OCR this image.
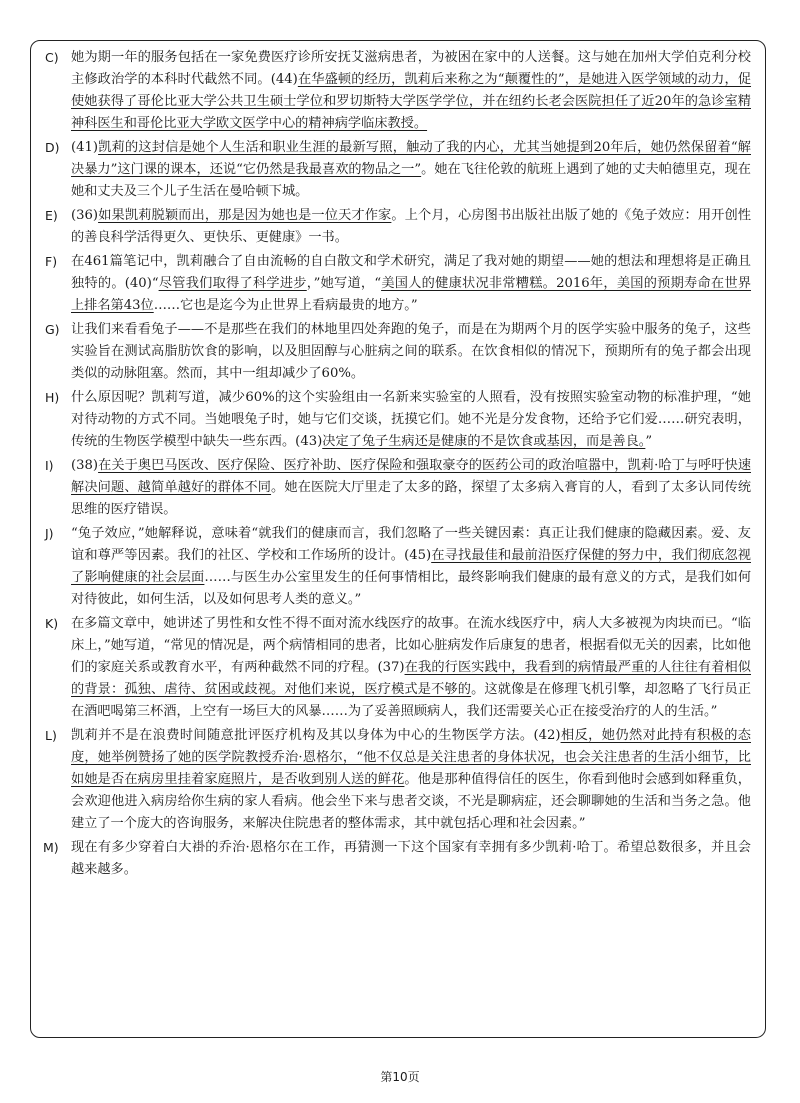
C) 她为期一年的服务包括在一家免费医疗诊所安抚艾滋病患者，为被困在家中的人送餐。这与她在加州大学伯克利分校主修政治学的本科时代截然不同。(44)在华盛顿的经历，凯莉后来称之为“颠覆性的”，是她进入医学领域的动力，促使她获得了哥伦比亚大学公共卫生硕士学位和罗切斯特大学医学学位，并在纽约长老会医院担任了近20年的急诊室精神科医生和哥伦比亚大学欧文医学中心的精神病学临床教授。

D) (41)凯莉的这封信是她个人生活和职业生涯的最新写照，触动了我的内心，尤其当她提到20年后，她仍然保留着“解决暴力”这门课的课本，还说“它仍然是我最喜欢的物品之一”。她在飞往伦敦的航班上遇到了她的丈夫帕德里克，现在她和丈夫及三个儿子生活在曼哈顿下城。

E) (36)如果凯莉脱颖而出，那是因为她也是一位天才作家。上个月，心房图书出版社出版了她的《兔子效应：用开创性的善良科学活得更久、更快乐、更健康》一书。

F) 在461篇笔记中，凯莉融合了自由流畅的自白散文和学术研究，满足了我对她的期望——她的想法和理想将是正确且独特的。(40)“尽管我们取得了科学进步，”她写道，“美国人的健康状况非常糟糕。2016年，美国的预期寿命在世界上排名第43位……它也是迄今为止世界上看病最贵的地方。”

G) 让我们来看看兔子——不是那些在我们的林地里四处奔跑的兔子，而是在为期两个月的医学实验中服务的兔子，这些实验旨在测试高脂肪饮食的影响，以及胆固醇与心脏病之间的联系。在饮食相似的情况下，预期所有的兔子都会出现类似的动脉阻塞。然而，其中一组却减少了60%。

H) 什么原因呢？凯莉写道，减少60%的这个实验组由一名新来实验室的人照看，没有按照实验室动物的标准护理，“她对待动物的方式不同。当她喂兔子时，她与它们交谈，抚摸它们。她不光是分发食物，还给予它们爱……研究表明，传统的生物医学模型中缺失一些东西。(43)决定了兔子生病还是健康的不是饮食或基因，而是善良。”

I) (38)在关于奥巴马医改、医疗保险、医疗补助、医疗保险和强取豪夺的医药公司的政治喧嚣中，凯莉·哈丁与呼吁快速解决问题、越简单越好的群体不同。她在医院大厅里走了太多的路，探望了太多病入膏肓的人，看到了太多认同传统思维的医疗错误。

J) “兔子效应，”她解释说，意味着“就我们的健康而言，我们忽略了一些关键因素：真正让我们健康的隐藏因素。爱、友谊和尊严等因素。我们的社区、学校和工作场所的设计。(45)在寻找最佳和最前沿医疗保健的努力中，我们彻底忽视了影响健康的社会层面……与医生办公室里发生的任何事情相比，最终影响我们健康的最有意义的方式，是我们如何对待彼此，如何生活，以及如何思考人类的意义。”

K) 在多篇文章中，她讲述了男性和女性不得不面对流水线医疗的故事。在流水线医疗中，病人大多被视为肉块而已。“临床上，”她写道，“常见的情况是，两个病情相同的患者，比如心脏病发作后康复的患者，根据看似无关的因素，比如他们的家庭关系或教育水平，有两种截然不同的疗程。(37)在我的行医实践中，我看到的病情最严重的人往往有着相似的背景：孤独、虐待、贫困或歧视。对他们来说，医疗模式是不够的。这就像是在修理飞机引擎，却忽略了飞行员正在酒吧喝第三杯酒，上空有一场巨大的风暴……为了妥善照顾病人，我们还需要关心正在接受治疗的人的生活。”

L) 凯莉并不是在浪费时间随意批评医疗机构及其以身体为中心的生物医学方法。(42)相反，她仍然对此持有积极的态度，她举例赞扬了她的医学院教授乔治·恩格尔，“他不仅总是关注患者的身体状况，也会关注患者的生活小细节，比如她是否在病房里挂着家庭照片，是否收到别人送的鲜花。他是那种值得信任的医生，你看到他时会感到如释重负，会欢迎他进入病房给你生病的家人看病。他会坐下来与患者交谈，不光是聊病症，还会聊聊她的生活和当务之急。他建立了一个庞大的咨询服务，来解决住院患者的整体需求，其中就包括心理和社会因素。”

M) 现在有多少穿着白大褂的乔治·恩格尔在工作，再猜测一下这个国家有幸拥有多少凯莉·哈丁。希望总数很多，并且会越来越多。

第10页
